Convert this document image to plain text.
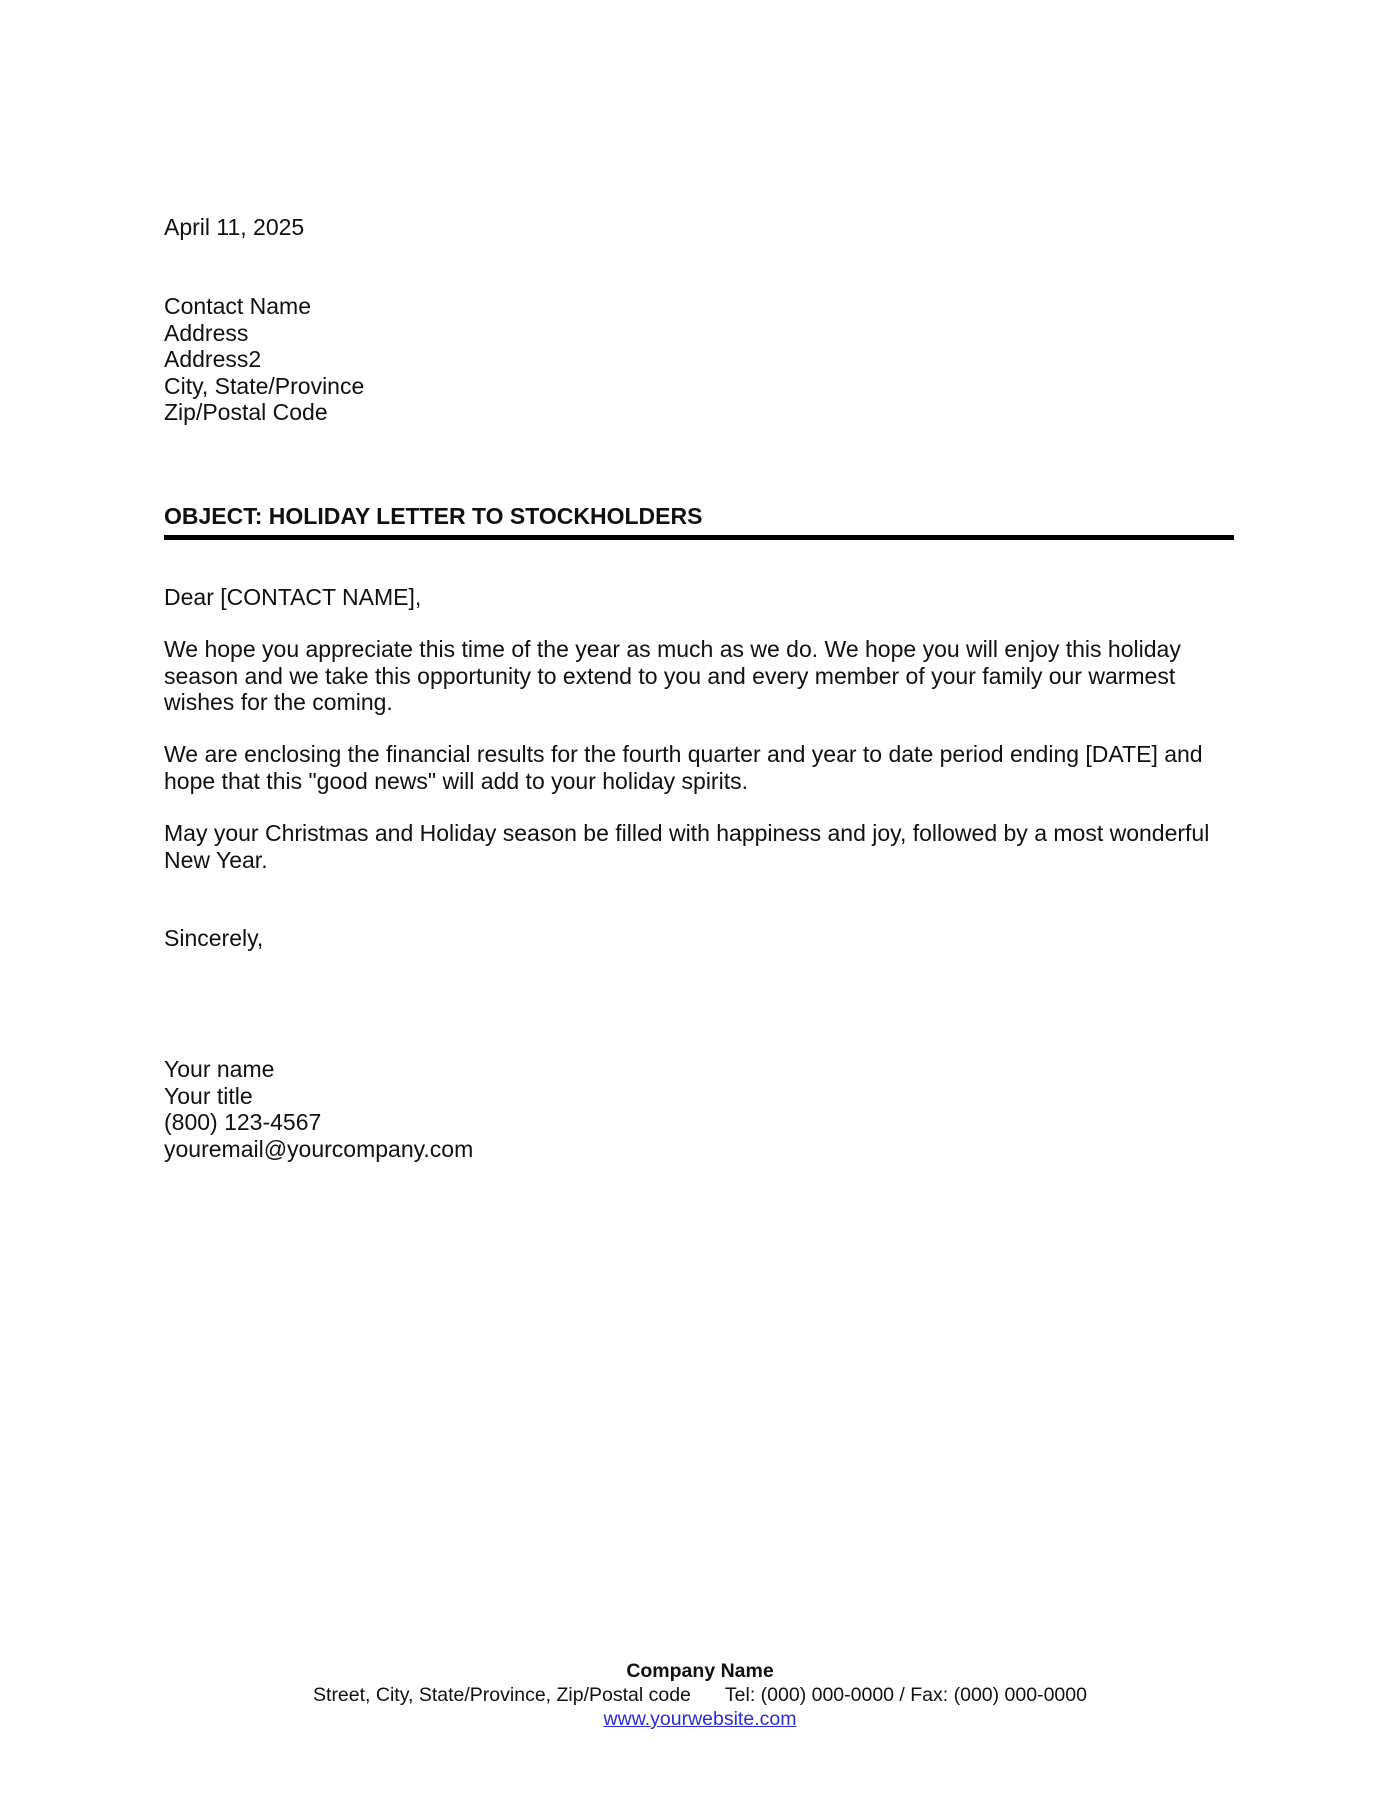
April 11, 2025
Contact Name
Address
Address2
City, State/Province
Zip/Postal Code
OBJECT: HOLIDAY LETTER TO STOCKHOLDERS
Dear [CONTACT NAME],
We hope you appreciate this time of the year as much as we do. We hope you will enjoy this holiday season and we take this opportunity to extend to you and every member of your family our warmest wishes for the coming.
We are enclosing the financial results for the fourth quarter and year to date period ending [DATE] and hope that this "good news" will add to your holiday spirits.
May your Christmas and Holiday season be filled with happiness and joy, followed by a most wonderful New Year.
Sincerely,
Your name
Your title
(800) 123-4567
youremail@yourcompany.com
Company Name
Street, City, State/Province, Zip/Postal code Tel: (000) 000-0000 / Fax: (000) 000-0000
www.yourwebsite.com
